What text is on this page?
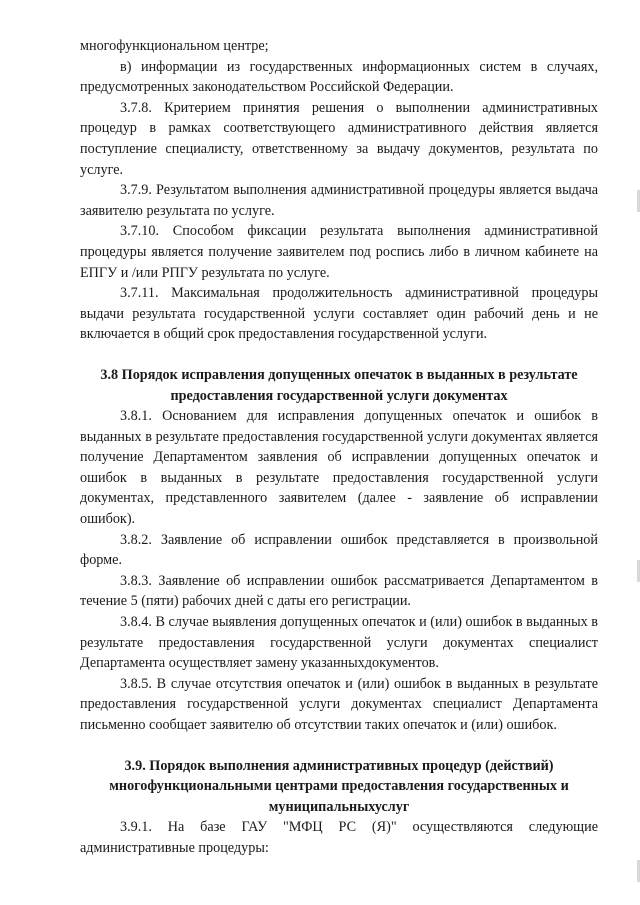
многофункциональном центре;

в) информации из государственных информационных систем в случаях, предусмотренных законодательством Российской Федерации.

3.7.8. Критерием принятия решения о выполнении административных процедур в рамках соответствующего административного действия является поступление специалисту, ответственному за выдачу документов, результата по услуге.

3.7.9. Результатом выполнения административной процедуры является выдача заявителю результата по услуге.

3.7.10. Способом фиксации результата выполнения административной процедуры является получение заявителем под роспись либо в личном кабинете на ЕПГУ и /или РПГУ результата по услуге.

3.7.11. Максимальная продолжительность административной процедуры выдачи результата государственной услуги составляет один рабочий день и не включается в общий срок предоставления государственной услуги.

3.8 Порядок исправления допущенных опечаток в выданных в результате

предоставления государственной услуги документах

3.8.1. Основанием для исправления допущенных опечаток и ошибок в выданных в результате предоставления государственной услуги документах является получение Департаментом заявления об исправлении допущенных опечаток и ошибок в выданных в результате предоставления государственной услуги документах, представленного заявителем (далее - заявление об исправлении ошибок).

3.8.2. Заявление об исправлении ошибок представляется в произвольной форме.

3.8.3. Заявление об исправлении ошибок рассматривается Департаментом в течение 5 (пяти) рабочих дней с даты его регистрации.

3.8.4. В случае выявления допущенных опечаток и (или) ошибок в выданных в результате предоставления государственной услуги документах специалист Департамента осуществляет замену указанныхдокументов.

3.8.5. В случае отсутствия опечаток и (или) ошибок в выданных в результате предоставления государственной услуги документах специалист Департамента письменно сообщает заявителю об отсутствии таких опечаток и (или) ошибок.

3.9. Порядок выполнения административных процедур (действий)

многофункциональными центрами предоставления государственных и

муниципальныхуслуг

3.9.1. На базе ГАУ "МФЦ РС (Я)" осуществляются следующие административные процедуры:
